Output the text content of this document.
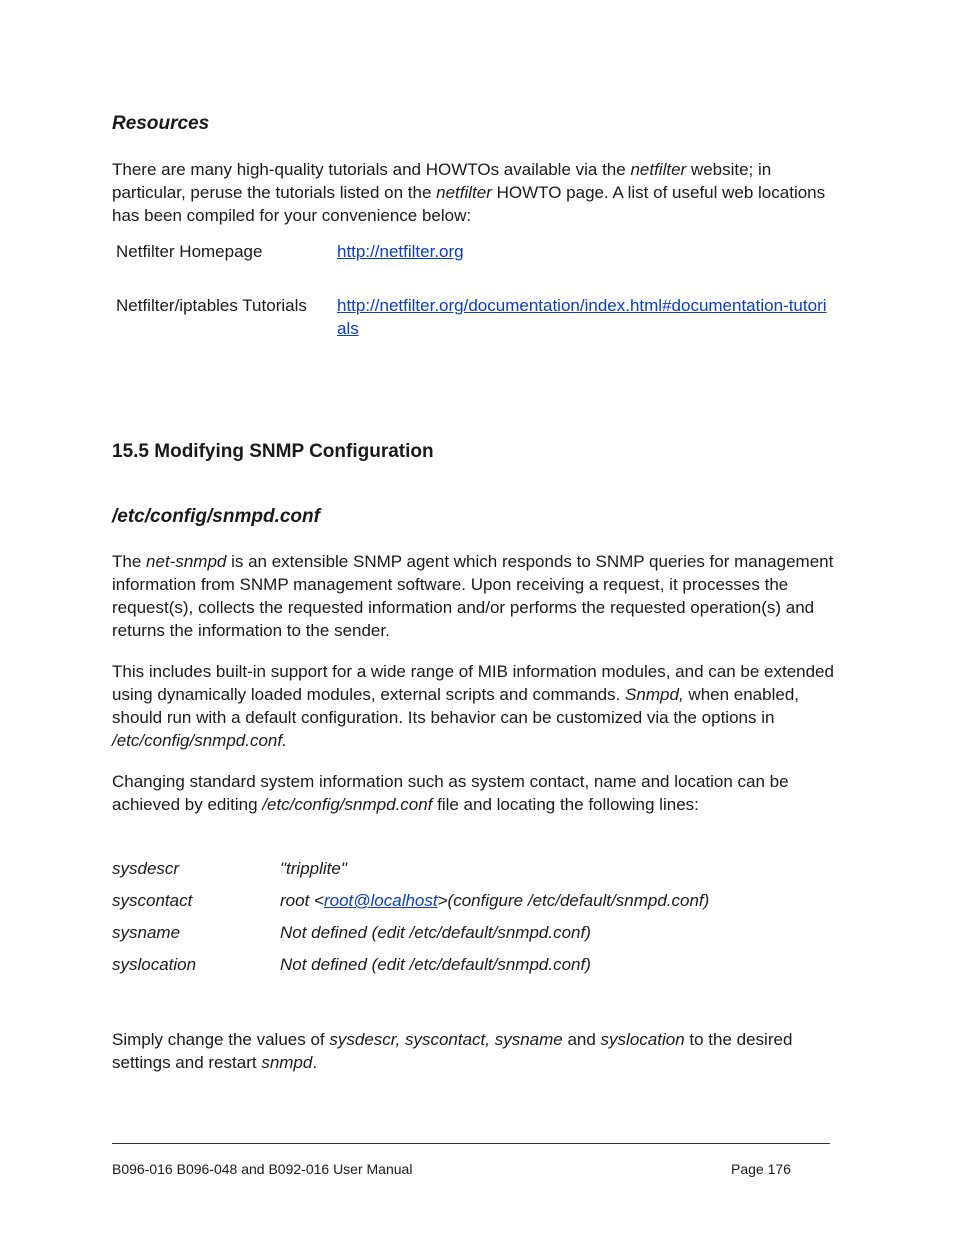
Resources
There are many high-quality tutorials and HOWTOs available via the netfilter website; in particular, peruse the tutorials listed on the netfilter HOWTO page. A list of useful web locations has been compiled for your convenience below:
Netfilter Homepage	http://netfilter.org
Netfilter/iptables Tutorials	http://netfilter.org/documentation/index.html#documentation-tutorials
15.5 Modifying SNMP Configuration
/etc/config/snmpd.conf
The net-snmpd is an extensible SNMP agent which responds to SNMP queries for management information from SNMP management software. Upon receiving a request, it processes the request(s), collects the requested information and/or performs the requested operation(s) and returns the information to the sender.
This includes built-in support for a wide range of MIB information modules, and can be extended using dynamically loaded modules, external scripts and commands. Snmpd, when enabled, should run with a default configuration. Its behavior can be customized via the options in /etc/config/snmpd.conf.
Changing standard system information such as system contact, name and location can be achieved by editing /etc/config/snmpd.conf file and locating the following lines:
sysdescr	"tripplite"
syscontact	root <root@localhost>(configure /etc/default/snmpd.conf)
sysname	Not defined (edit /etc/default/snmpd.conf)
syslocation	Not defined (edit /etc/default/snmpd.conf)
Simply change the values of sysdescr, syscontact, sysname and syslocation to the desired settings and restart snmpd.
B096-016 B096-048 and B092-016 User Manual	Page 176
